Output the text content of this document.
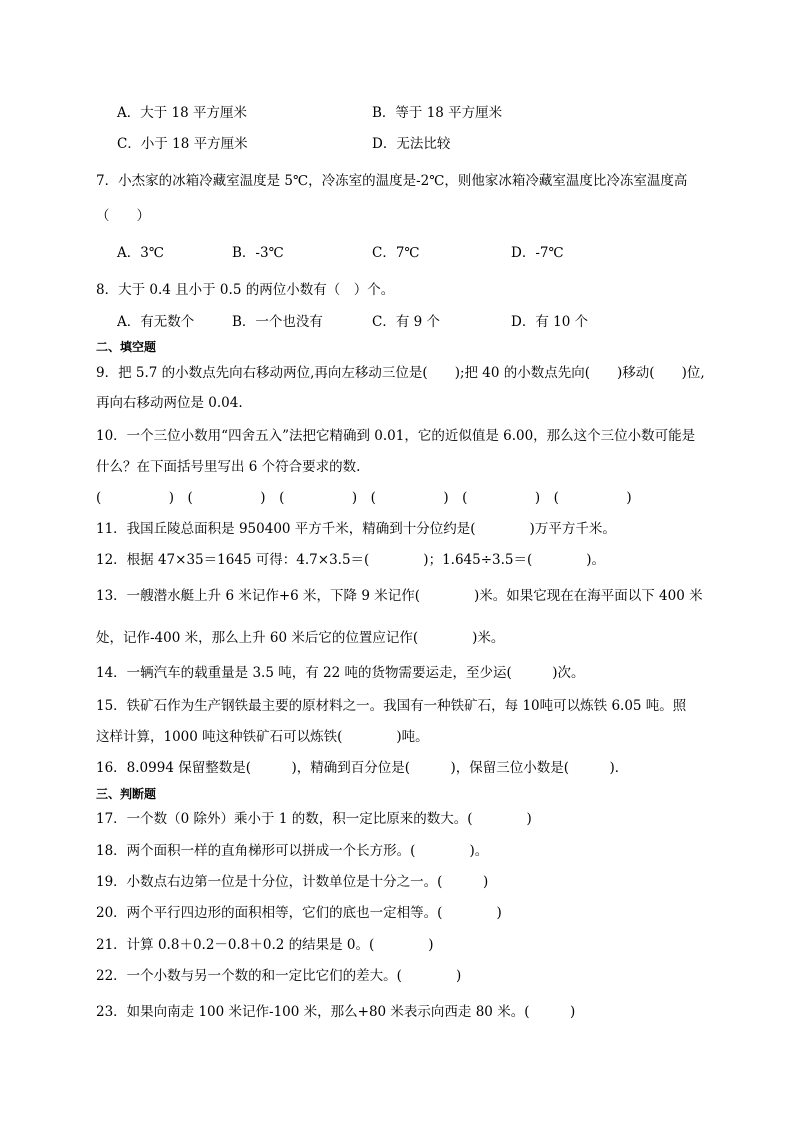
A．大于 18 平方厘米	B．等于 18 平方厘米
C．小于 18 平方厘米	D．无法比较
7．小杰家的冰箱冷藏室温度是 5℃，冷冻室的温度是-2℃，则他家冰箱冷藏室温度比冷冻室温度高
（　　）
A．3℃	B．-3℃	C．7℃	D．-7℃
8．大于 0.4 且小于 0.5 的两位小数有（　）个。
A．有无数个	B．一个也没有	C．有 9 个	D．有 10 个
二、填空题
9．把 5.7 的小数点先向右移动两位,再向左移动三位是(　　);把 40 的小数点先向(　　)移动(　　)位,
再向右移动两位是 0.04.
10．一个三位小数用“四舍五入”法把它精确到 0.01，它的近似值是 6.00，那么这个三位小数可能是
什么？在下面括号里写出 6 个符合要求的数.
(　　　　　)　(　　　　　)　(　　　　　)　(　　　　　)　(　　　　　)　(　　　　　)
11．我国丘陵总面积是 950400 平方千米，精确到十分位约是(　　　　)万平方千米。
12．根据 47×35＝1645 可得：4.7×3.5＝(　　　　)；1.645÷3.5＝(　　　　)。
13．一艘潜水艇上升 6 米记作+6 米，下降 9 米记作(　　　　)米。如果它现在在海平面以下 400 米
处，记作-400 米，那么上升 60 米后它的位置应记作(　　　　)米。
14．一辆汽车的载重量是 3.5 吨，有 22 吨的货物需要运走，至少运(　　　)次。
15．铁矿石作为生产钢铁最主要的原材料之一。我国有一种铁矿石，每 10吨可以炼铁 6.05 吨。照
这样计算，1000 吨这种铁矿石可以炼铁(　　　　)吨。
16．8.0994 保留整数是(　　　)，精确到百分位是(　　　)，保留三位小数是(　　　)．
三、判断题
17．一个数（0 除外）乘小于 1 的数，积一定比原来的数大。(　　　　)
18．两个面积一样的直角梯形可以拼成一个长方形。(　　　　)。
19．小数点右边第一位是十分位，计数单位是十分之一。(　　　)
20．两个平行四边形的面积相等，它们的底也一定相等。(　　　　)
21．计算 0.8＋0.2－0.8＋0.2 的结果是 0。(　　　　)
22．一个小数与另一个数的和一定比它们的差大。(　　　　)
23．如果向南走 100 米记作-100 米，那么+80 米表示向西走 80 米。(　　　)
